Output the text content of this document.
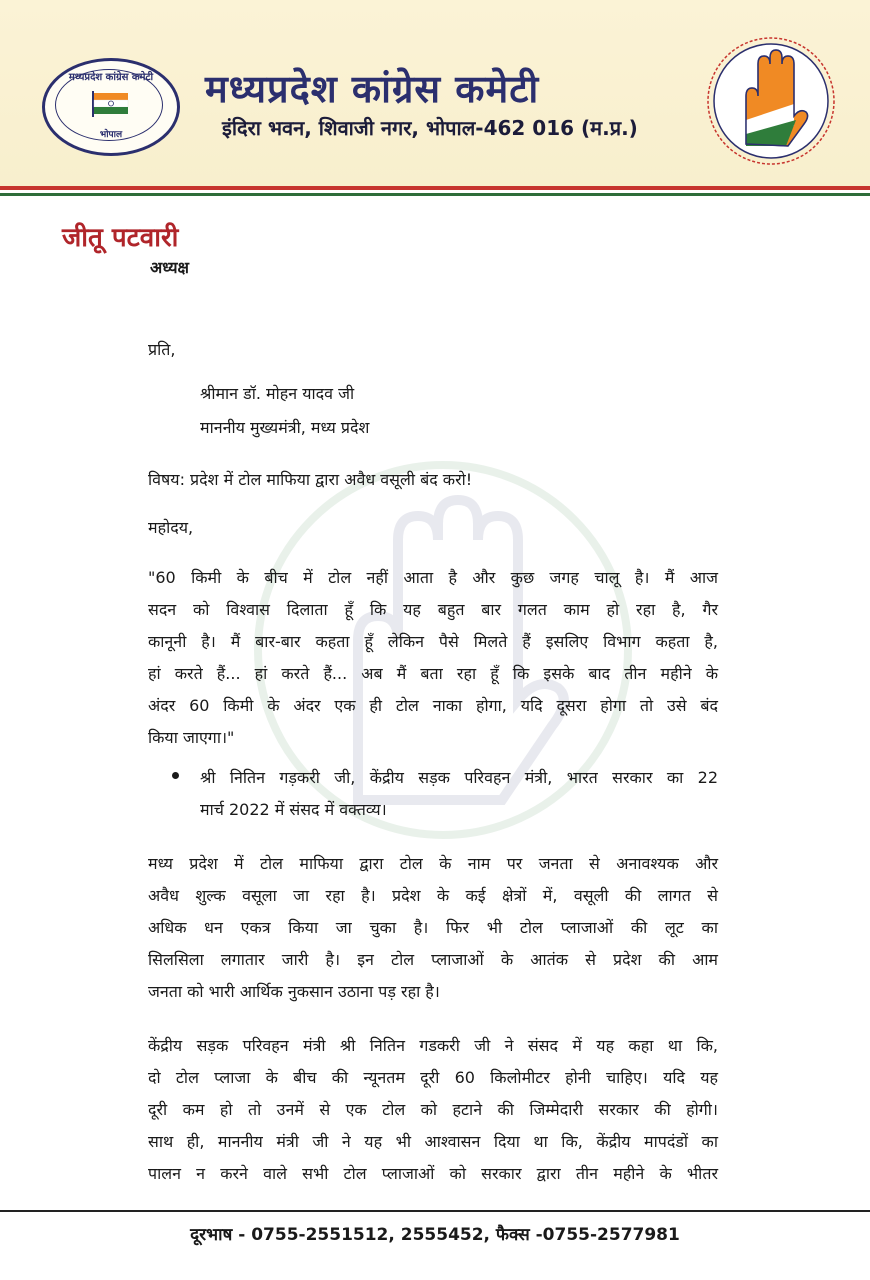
मध्यप्रदेश कांग्रेस कमेटी
भोपाल
मध्यप्रदेश कांग्रेस कमेटी
इंदिरा भवन, शिवाजी नगर, भोपाल-462 016 (म.प्र.)
जीतू पटवारी
अध्यक्ष
प्रति,
श्रीमान डॉ. मोहन यादव जी
माननीय मुख्यमंत्री, मध्य प्रदेश
विषय: प्रदेश में टोल माफिया द्वारा अवैध वसूली बंद करो!
महोदय,
"60 किमी के बीच में टोल नहीं आता है और कुछ जगह चालू है। मैं आज
सदन को विश्वास दिलाता हूँ कि यह बहुत बार गलत काम हो रहा है, गैर
कानूनी है। मैं बार-बार कहता हूँ लेकिन पैसे मिलते हैं इसलिए विभाग कहता है,
हां करते हैं... हां करते हैं... अब मैं बता रहा हूँ कि इसके बाद तीन महीने के
अंदर 60 किमी के अंदर एक ही टोल नाका होगा, यदि दूसरा होगा तो उसे बंद
किया जाएगा।"
श्री नितिन गड़करी जी, केंद्रीय सड़क परिवहन मंत्री, भारत सरकार का 22
मार्च 2022 में संसद में वक्तव्य।
मध्य प्रदेश में टोल माफिया द्वारा टोल के नाम पर जनता से अनावश्यक और
अवैध शुल्क वसूला जा रहा है। प्रदेश के कई क्षेत्रों में, वसूली की लागत से
अधिक धन एकत्र किया जा चुका है। फिर भी टोल प्लाजाओं की लूट का
सिलसिला लगातार जारी है। इन टोल प्लाजाओं के आतंक से प्रदेश की आम
जनता को भारी आर्थिक नुकसान उठाना पड़ रहा है।
केंद्रीय सड़क परिवहन मंत्री श्री नितिन गडकरी जी ने संसद में यह कहा था कि,
दो टोल प्लाजा के बीच की न्यूनतम दूरी 60 किलोमीटर होनी चाहिए। यदि यह
दूरी कम हो तो उनमें से एक टोल को हटाने की जिम्मेदारी सरकार की होगी।
साथ ही, माननीय मंत्री जी ने यह भी आश्वासन दिया था कि, केंद्रीय मापदंडों का
पालन न करने वाले सभी टोल प्लाजाओं को सरकार द्वारा तीन महीने के भीतर
दूरभाष - 0755-2551512, 2555452, फैक्स -0755-2577981
